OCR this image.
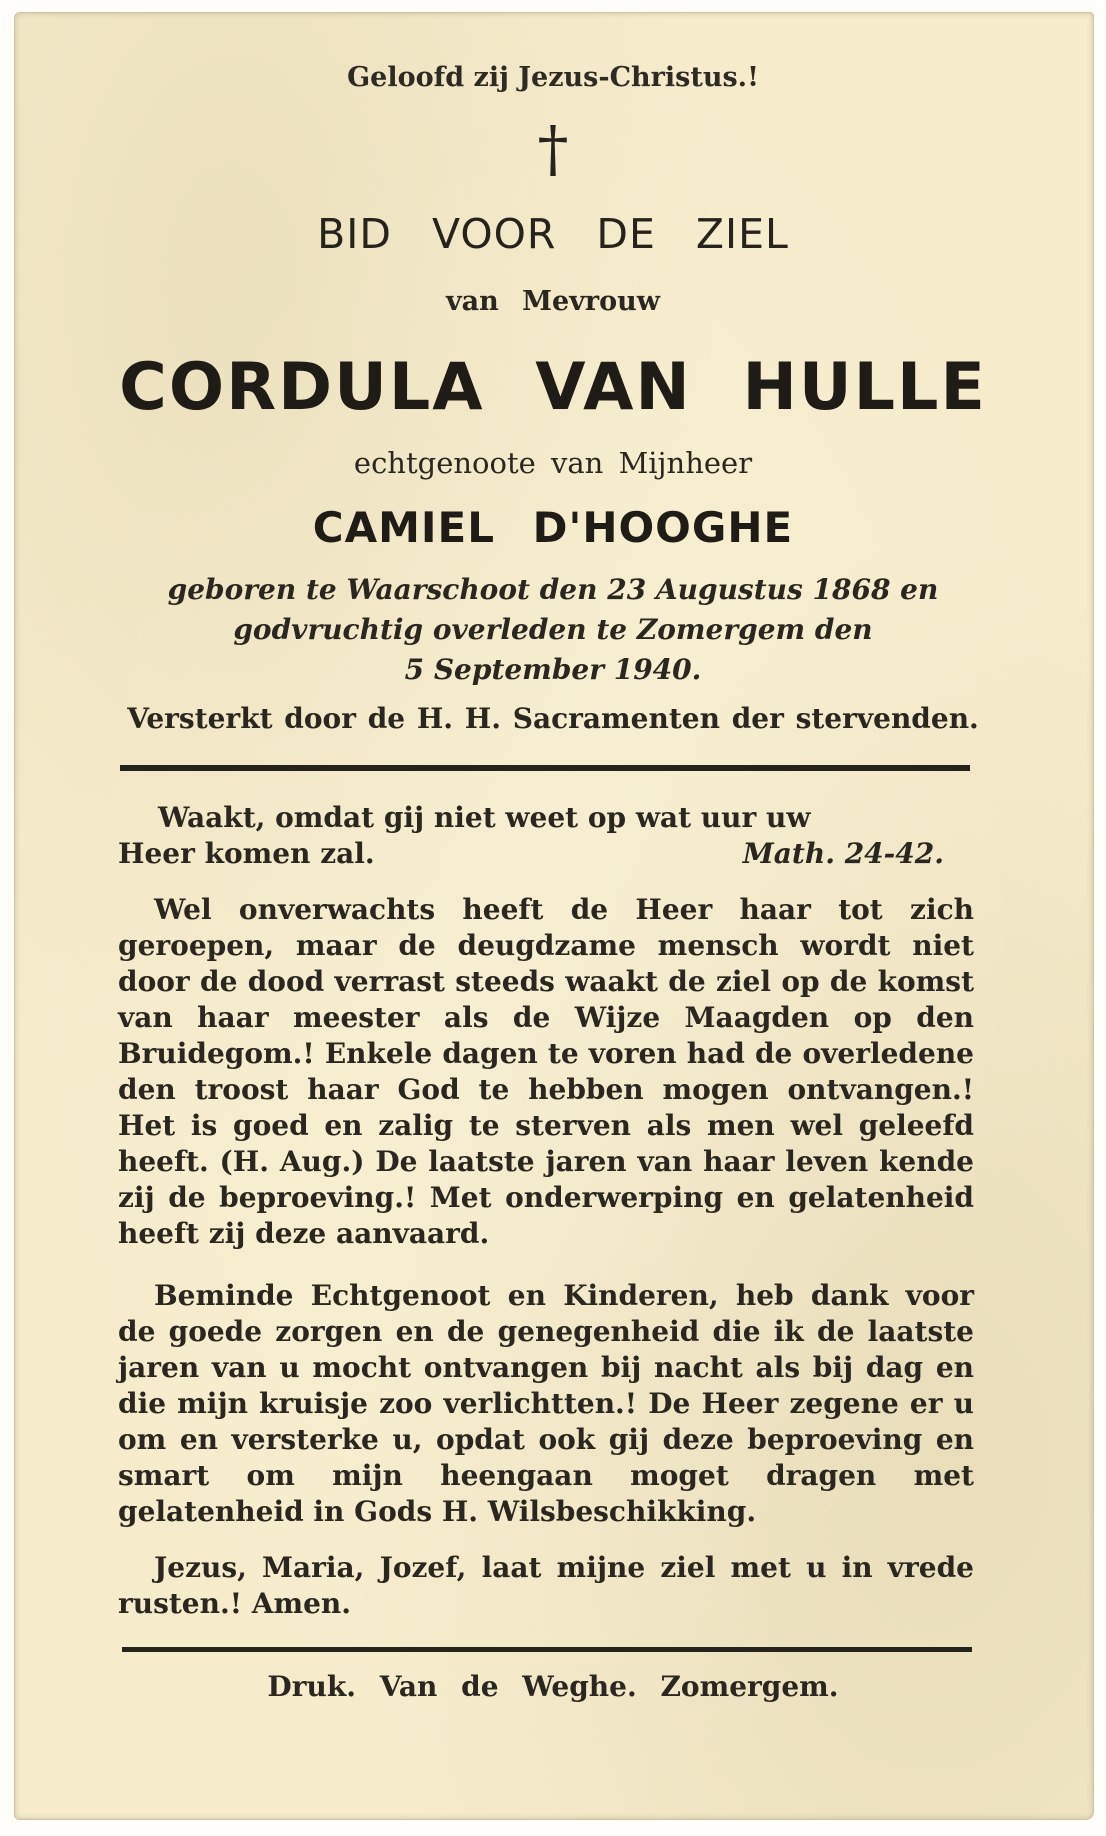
Geloofd zij Jezus-Christus.!
†
BID VOOR DE ZIEL
van Mevrouw
CORDULA VAN HULLE
echtgenoote van Mijnheer
CAMIEL D'HOOGHE
geboren te Waarschoot den 23 Augustus 1868 en
godvruchtig overleden te Zomergem den
5 September 1940.
Versterkt door de H. H. Sacramenten der stervenden.
Waakt, omdat gij niet weet op wat uur uw
Heer komen zal.	Math. 24-42.
Wel onverwachts heeft de Heer haar tot zich geroepen, maar de deugdzame mensch wordt niet door de dood verrast steeds waakt de ziel op de komst van haar meester als de Wijze Maagden op den Bruidegom.! Enkele dagen te voren had de overledene den troost haar God te hebben mogen ontvangen.! Het is goed en zalig te sterven als men wel geleefd heeft. (H. Aug.) De laatste jaren van haar leven kende zij de beproeving.! Met onderwerping en gelatenheid heeft zij deze aanvaard.
Beminde Echtgenoot en Kinderen, heb dank voor de goede zorgen en de genegenheid die ik de laatste jaren van u mocht ontvangen bij nacht als bij dag en die mijn kruisje zoo verlichtten.! De Heer zegene er u om en versterke u, opdat ook gij deze beproeving en smart om mijn heengaan moget dragen met gelatenheid in Gods H. Wilsbeschikking.
Jezus, Maria, Jozef, laat mijne ziel met u in vrede rusten.! Amen.
Druk. Van de Weghe. Zomergem.
